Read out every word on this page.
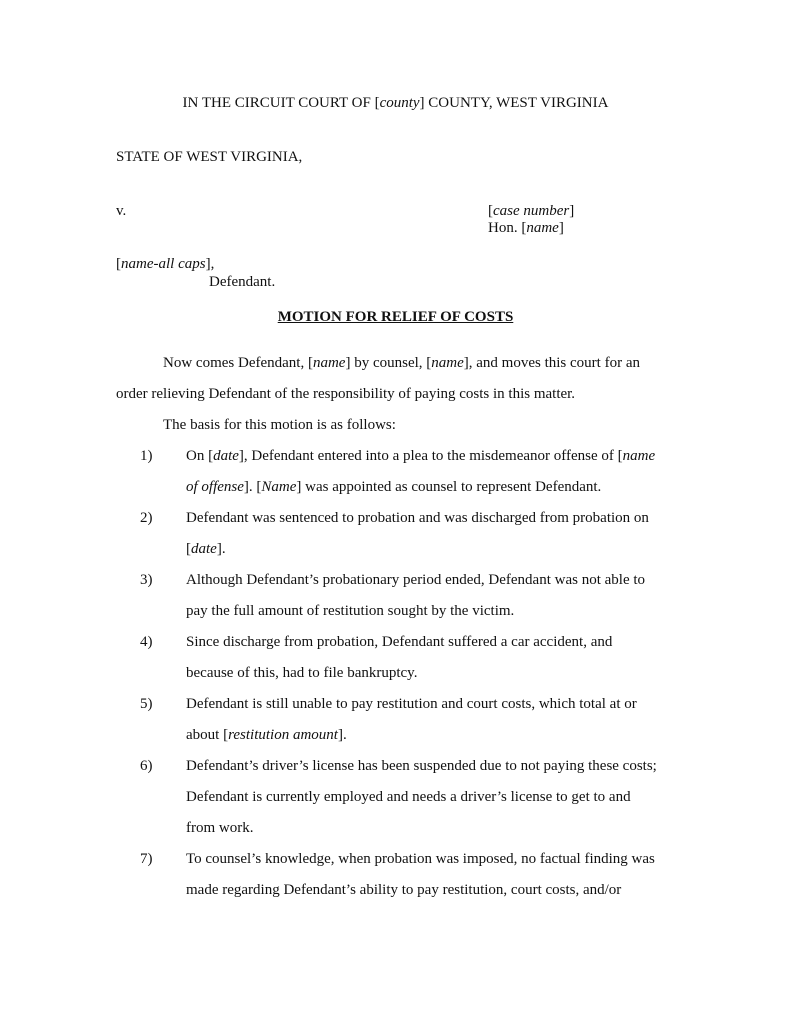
IN THE CIRCUIT COURT OF [county] COUNTY, WEST VIRGINIA
STATE OF WEST VIRGINIA,
v.	[case number]
Hon. [name]
[name-all caps],
Defendant.
MOTION FOR RELIEF OF COSTS
Now comes Defendant, [name] by counsel, [name], and moves this court for an
order relieving Defendant of the responsibility of paying costs in this matter.
The basis for this motion is as follows:
1) On [date], Defendant entered into a plea to the misdemeanor offense of [name
of offense]. [Name] was appointed as counsel to represent Defendant.
2) Defendant was sentenced to probation and was discharged from probation on
[date].
3) Although Defendant’s probationary period ended, Defendant was not able to
pay the full amount of restitution sought by the victim.
4) Since discharge from probation, Defendant suffered a car accident, and
because of this, had to file bankruptcy.
5) Defendant is still unable to pay restitution and court costs, which total at or
about [restitution amount].
6) Defendant’s driver’s license has been suspended due to not paying these costs;
Defendant is currently employed and needs a driver’s license to get to and
from work.
7) To counsel’s knowledge, when probation was imposed, no factual finding was
made regarding Defendant’s ability to pay restitution, court costs, and/or
